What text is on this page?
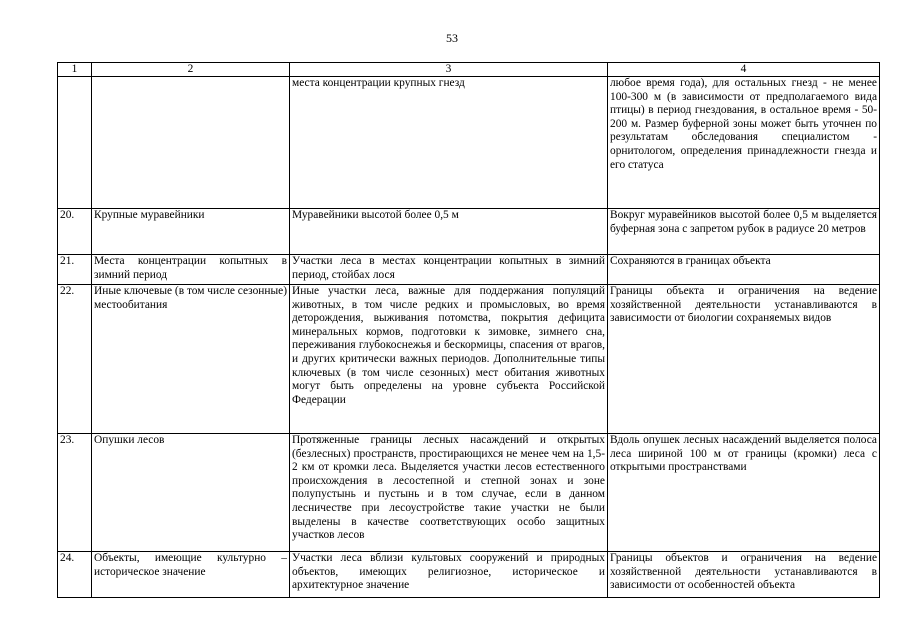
53
1	2	3	4
		места концентрации крупных гнезд	любое время года), для остальных гнезд - не менее 100-300 м (в зависимости от предполагаемого вида птицы) в период гнездования, в остальное время - 50-200 м. Размер буферной зоны может быть уточнен по результатам обследования специалистом - орнитологом, определения принадлежности гнезда и его статуса
20.	Крупные муравейники	Муравейники высотой более 0,5 м	Вокруг муравейников высотой более 0,5 м выделяется буферная зона с запретом рубок в радиусе 20 метров
21.	Места концентрации копытных в зимний период	Участки леса в местах концентрации копытных в зимний период, стойбах лося	Сохраняются в границах объекта
22.	Иные ключевые (в том числе сезонные) местообитания	Иные участки леса, важные для поддержания популяций животных, в том числе редких и промысловых, во время деторождения, выживания потомства, покрытия дефицита минеральных кормов, подготовки к зимовке, зимнего сна, переживания глубокоснежья и бескормицы, спасения от врагов, и других критически важных периодов. Дополнительные типы ключевых (в том числе сезонных) мест обитания животных могут быть определены на уровне субъекта Российской Федерации	Границы объекта и ограничения на ведение хозяйственной деятельности устанавливаются в зависимости от биологии сохраняемых видов
23.	Опушки лесов	Протяженные границы лесных насаждений и открытых (безлесных) пространств, простирающихся не менее чем на 1,5-2 км от кромки леса. Выделяется участки лесов естественного происхождения в лесостепной и степной зонах и зоне полупустынь и пустынь и в том случае, если в данном лесничестве при лесоустройстве такие участки не были выделены в качестве соответствующих особо защитных участков лесов	Вдоль опушек лесных насаждений выделяется полоса леса шириной 100 м от границы (кромки) леса с открытыми пространствами
24.	Объекты, имеющие культурно – историческое значение	Участки леса вблизи культовых сооружений и природных объектов, имеющих религиозное, историческое и архитектурное значение	Границы объектов и ограничения на ведение хозяйственной деятельности устанавливаются в зависимости от особенностей объекта
